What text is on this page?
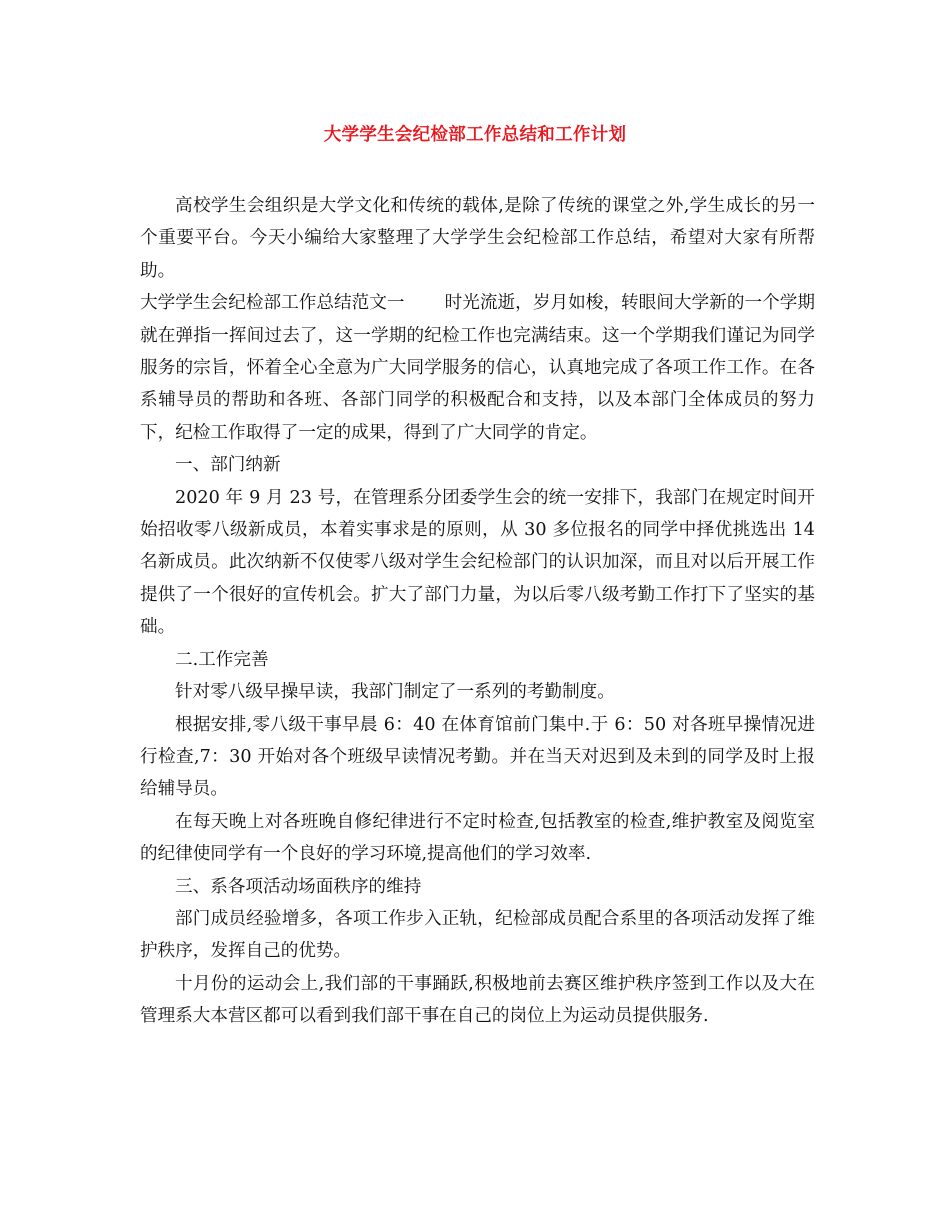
大学学生会纪检部工作总结和工作计划

高校学生会组织是大学文化和传统的载体,是除了传统的课堂之外,学生成长的另一个重要平台。今天小编给大家整理了大学学生会纪检部工作总结，希望对大家有所帮助。

大学学生会纪检部工作总结范文一 时光流逝，岁月如梭，转眼间大学新的一个学期就在弹指一挥间过去了，这一学期的纪检工作也完满结束。这一个学期我们谨记为同学服务的宗旨，怀着全心全意为广大同学服务的信心，认真地完成了各项工作工作。在各系辅导员的帮助和各班、各部门同学的积极配合和支持，以及本部门全体成员的努力下，纪检工作取得了一定的成果，得到了广大同学的肯定。

一、部门纳新

2020 年 9 月 23 号，在管理系分团委学生会的统一安排下，我部门在规定时间开始招收零八级新成员，本着实事求是的原则，从 30 多位报名的同学中择优挑选出 14 名新成员。此次纳新不仅使零八级对学生会纪检部门的认识加深，而且对以后开展工作提供了一个很好的宣传机会。扩大了部门力量，为以后零八级考勤工作打下了坚实的基础。

二.工作完善

针对零八级早操早读，我部门制定了一系列的考勤制度。

根据安排,零八级干事早晨 6：40 在体育馆前门集中.于 6：50 对各班早操情况进行检查,7：30 开始对各个班级早读情况考勤。并在当天对迟到及未到的同学及时上报给辅导员。

在每天晚上对各班晚自修纪律进行不定时检查,包括教室的检查,维护教室及阅览室的纪律使同学有一个良好的学习环境,提高他们的学习效率.

三、系各项活动场面秩序的维持

部门成员经验增多，各项工作步入正轨，纪检部成员配合系里的各项活动发挥了维护秩序，发挥自己的优势。

十月份的运动会上,我们部的干事踊跃,积极地前去赛区维护秩序签到工作以及大在管理系大本营区都可以看到我们部干事在自己的岗位上为运动员提供服务.
